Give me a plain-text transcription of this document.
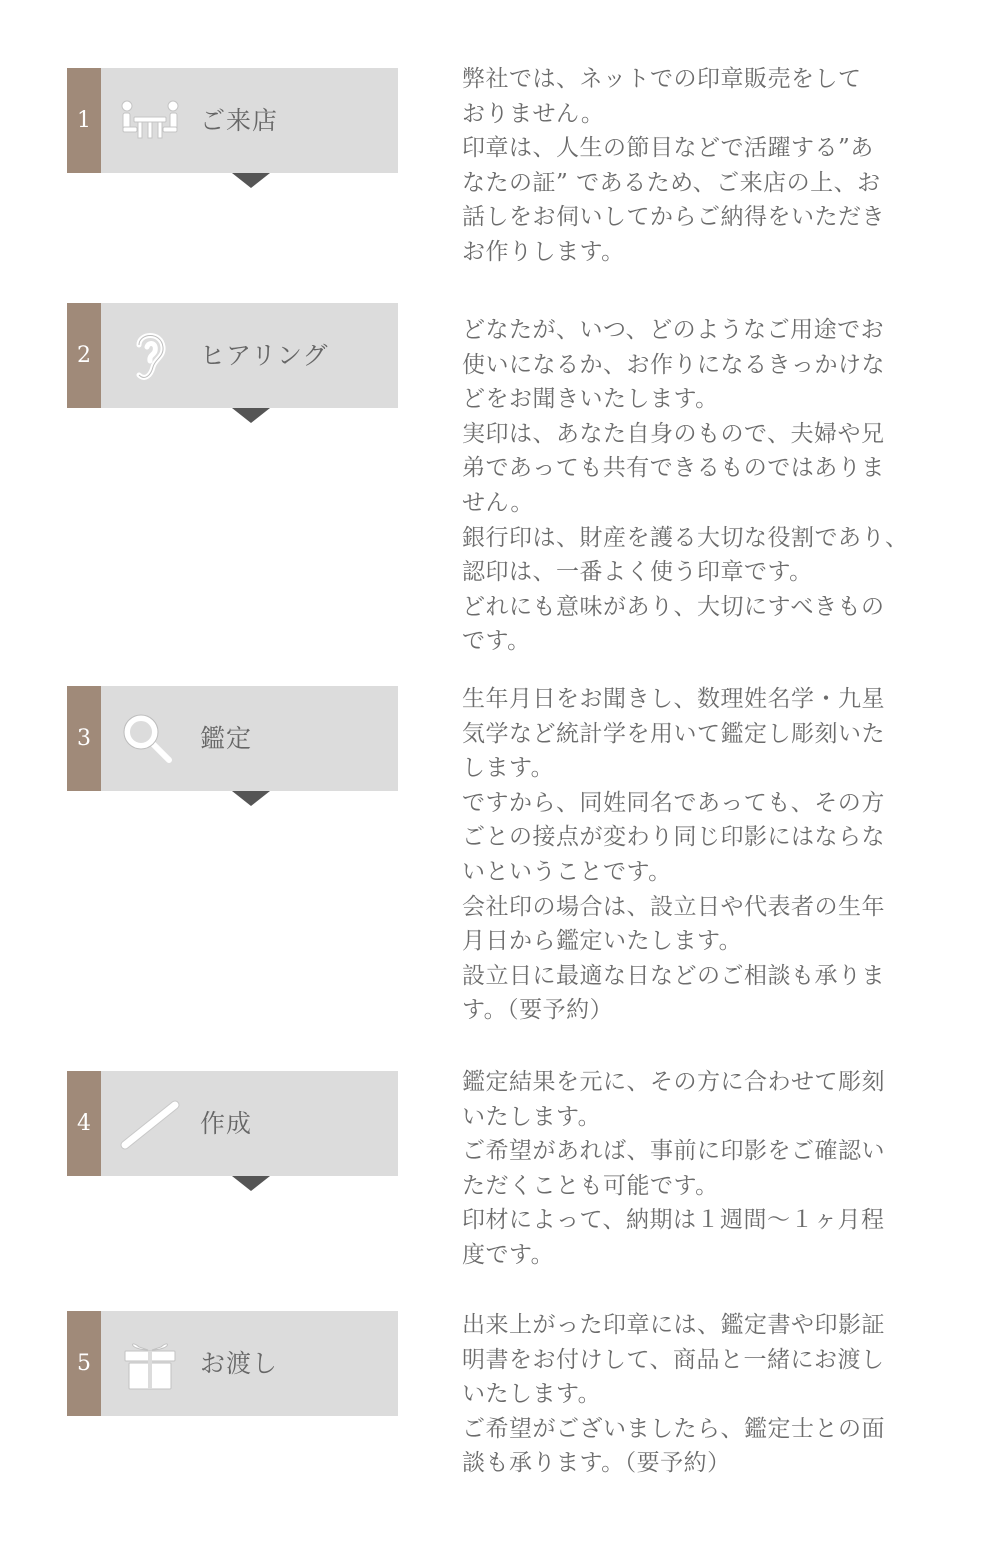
1	ご来店
弊社では、ネットでの印章販売をして
おりません。
印章は、人生の節目などで活躍する”あ
なたの証” であるため、ご来店の上、お
話しをお伺いしてからご納得をいただき
お作りします。
2	ヒアリング
どなたが、いつ、どのようなご用途でお
使いになるか、お作りになるきっかけな
どをお聞きいたします。
実印は、あなた自身のもので、夫婦や兄
弟であっても共有できるものではありま
せん。
銀行印は、財産を護る大切な役割であり、
認印は、一番よく使う印章です。
どれにも意味があり、大切にすべきもの
です。
3	鑑定
生年月日をお聞きし、数理姓名学・九星
気学など統計学を用いて鑑定し彫刻いた
します。
ですから、同姓同名であっても、その方
ごとの接点が変わり同じ印影にはならな
いということです。
会社印の場合は、設立日や代表者の生年
月日から鑑定いたします。
設立日に最適な日などのご相談も承りま
す。（要予約）
4	作成
鑑定結果を元に、その方に合わせて彫刻
いたします。
ご希望があれば、事前に印影をご確認い
ただくことも可能です。
印材によって、納期は１週間〜１ヶ月程
度です。
5	お渡し
出来上がった印章には、鑑定書や印影証
明書をお付けして、商品と一緒にお渡し
いたします。
ご希望がございましたら、鑑定士との面
談も承ります。（要予約）
